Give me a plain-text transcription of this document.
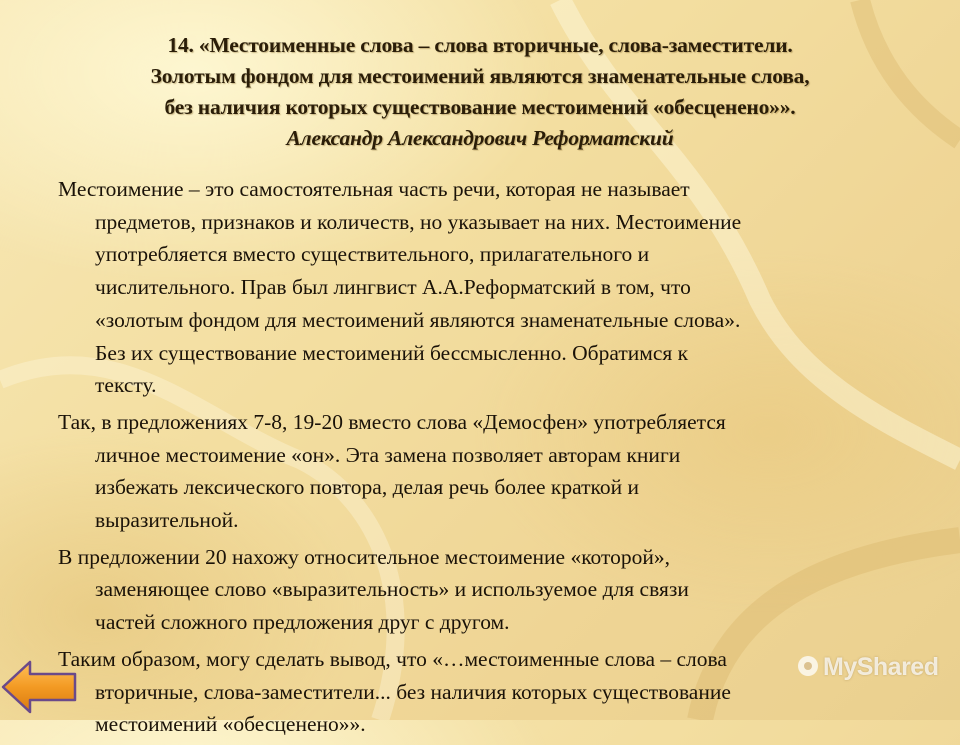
14. «Местоименные слова – слова вторичные, слова-заместители.
Золотым фондом для местоимений являются знаменательные слова,
без наличия которых существование местоимений «обесценено»».
Александр Александрович Реформатский

Местоимение – это самостоятельная часть речи, которая не называет
предметов, признаков и количеств, но указывает на них. Местоимение
употребляется вместо существительного, прилагательного и
числительного. Прав был лингвист А.А.Реформатский в том, что
«золотым фондом для местоимений являются знаменательные слова».
Без их существование местоимений бессмысленно. Обратимся к
тексту.

Так, в предложениях 7-8, 19-20 вместо слова «Демосфен» употребляется
личное местоимение «он». Эта замена позволяет авторам книги
избежать лексического повтора, делая речь более краткой и
выразительной.

В предложении 20 нахожу относительное местоимение «которой»,
заменяющее слово «выразительность» и используемое для связи
частей сложного предложения друг с другом.

Таким образом, могу сделать вывод, что «…местоименные слова – слова
вторичные, слова-заместители... без наличия которых существование
местоимений «обесценено»».

MyShared
